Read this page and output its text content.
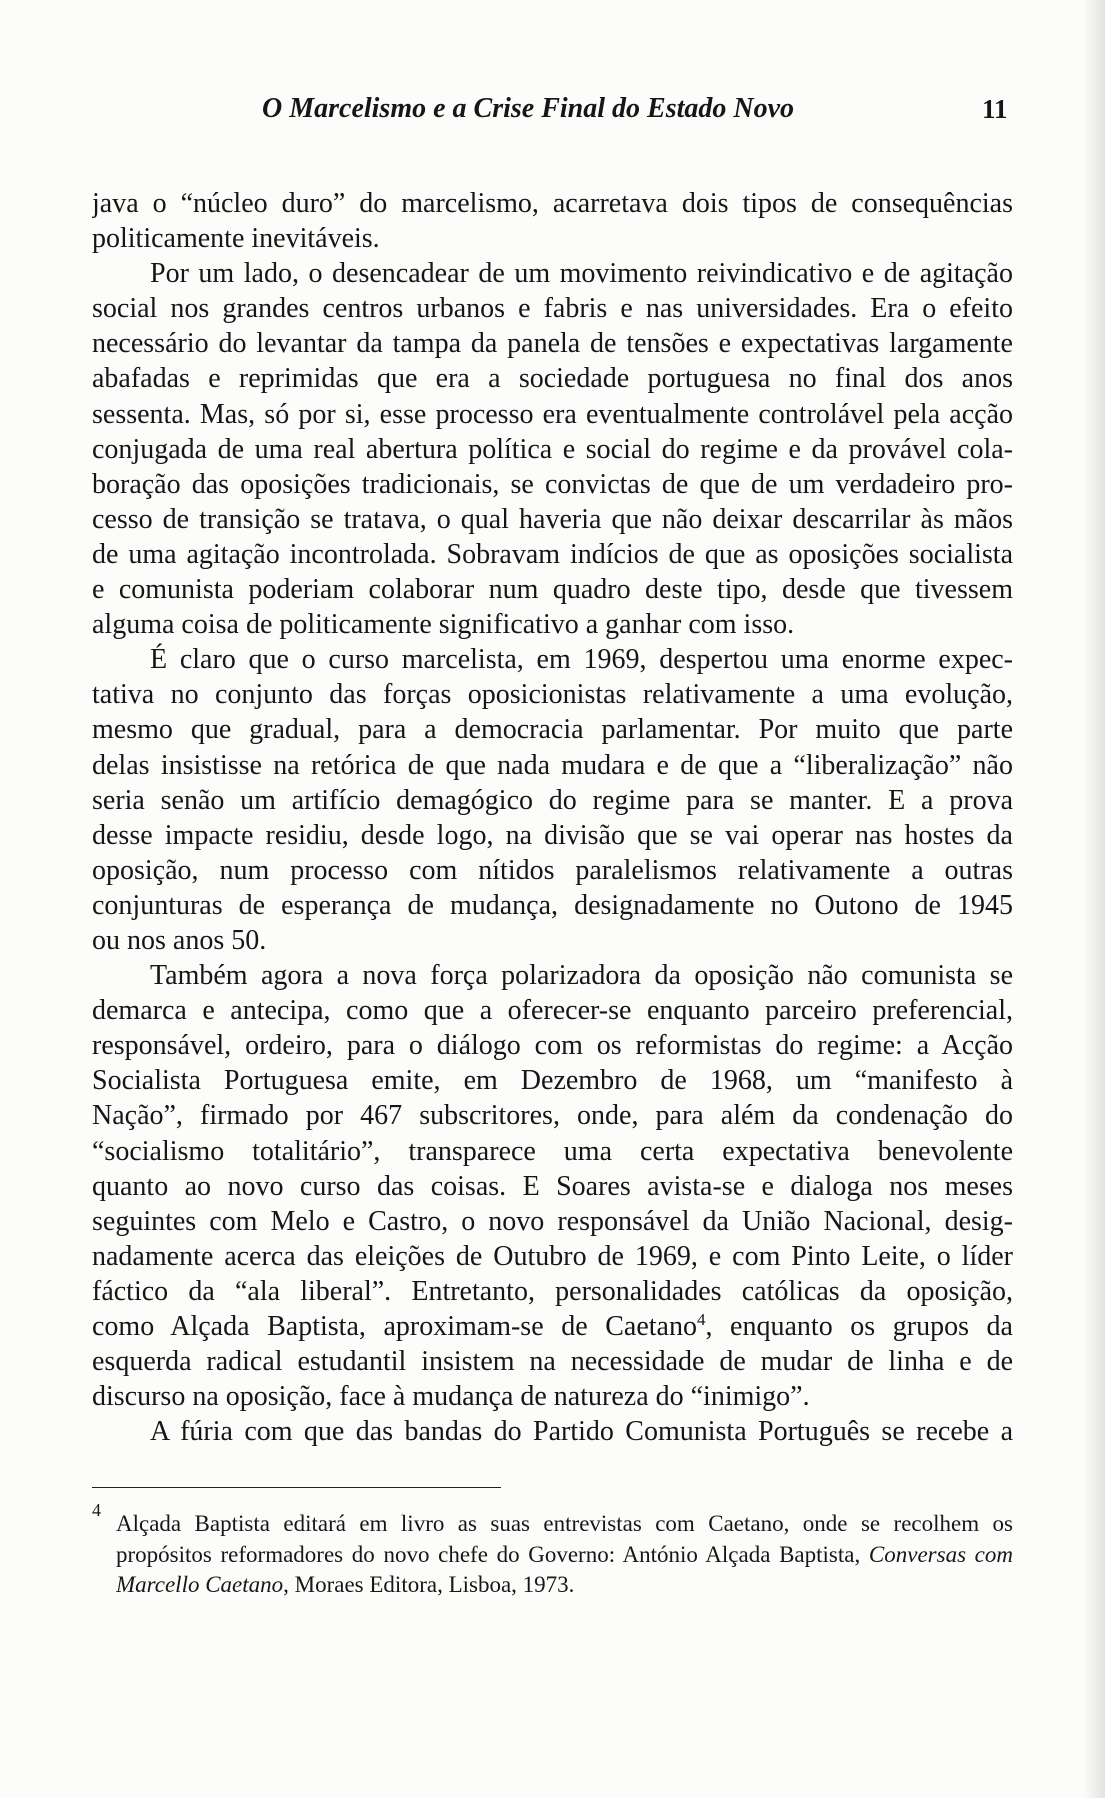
O Marcelismo e a Crise Final do Estado Novo	11
java o “núcleo duro” do marcelismo, acarretava dois tipos de consequências
politicamente inevitáveis.
Por um lado, o desencadear de um movimento reivindicativo e de agitação
social nos grandes centros urbanos e fabris e nas universidades. Era o efeito
necessário do levantar da tampa da panela de tensões e expectativas largamente
abafadas e reprimidas que era a sociedade portuguesa no final dos anos
sessenta. Mas, só por si, esse processo era eventualmente controlável pela acção
conjugada de uma real abertura política e social do regime e da provável cola-
boração das oposições tradicionais, se convictas de que de um verdadeiro pro-
cesso de transição se tratava, o qual haveria que não deixar descarrilar às mãos
de uma agitação incontrolada. Sobravam indícios de que as oposições socialista
e comunista poderiam colaborar num quadro deste tipo, desde que tivessem
alguma coisa de politicamente significativo a ganhar com isso.
É claro que o curso marcelista, em 1969, despertou uma enorme expec-
tativa no conjunto das forças oposicionistas relativamente a uma evolução,
mesmo que gradual, para a democracia parlamentar. Por muito que parte
delas insistisse na retórica de que nada mudara e de que a “liberalização” não
seria senão um artifício demagógico do regime para se manter. E a prova
desse impacte residiu, desde logo, na divisão que se vai operar nas hostes da
oposição, num processo com nítidos paralelismos relativamente a outras
conjunturas de esperança de mudança, designadamente no Outono de 1945
ou nos anos 50.
Também agora a nova força polarizadora da oposição não comunista se
demarca e antecipa, como que a oferecer-se enquanto parceiro preferencial,
responsável, ordeiro, para o diálogo com os reformistas do regime: a Acção
Socialista Portuguesa emite, em Dezembro de 1968, um “manifesto à
Nação”, firmado por 467 subscritores, onde, para além da condenação do
“socialismo totalitário”, transparece uma certa expectativa benevolente
quanto ao novo curso das coisas. E Soares avista-se e dialoga nos meses
seguintes com Melo e Castro, o novo responsável da União Nacional, desig-
nadamente acerca das eleições de Outubro de 1969, e com Pinto Leite, o líder
fáctico da “ala liberal”. Entretanto, personalidades católicas da oposição,
como Alçada Baptista, aproximam-se de Caetano$^4$, enquanto os grupos da
esquerda radical estudantil insistem na necessidade de mudar de linha e de
discurso na oposição, face à mudança de natureza do “inimigo”.
A fúria com que das bandas do Partido Comunista Português se recebe a
4
Alçada Baptista editará em livro as suas entrevistas com Caetano, onde se recolhem os
propósitos reformadores do novo chefe do Governo: António Alçada Baptista, Conversas com
Marcello Caetano, Moraes Editora, Lisboa, 1973.
